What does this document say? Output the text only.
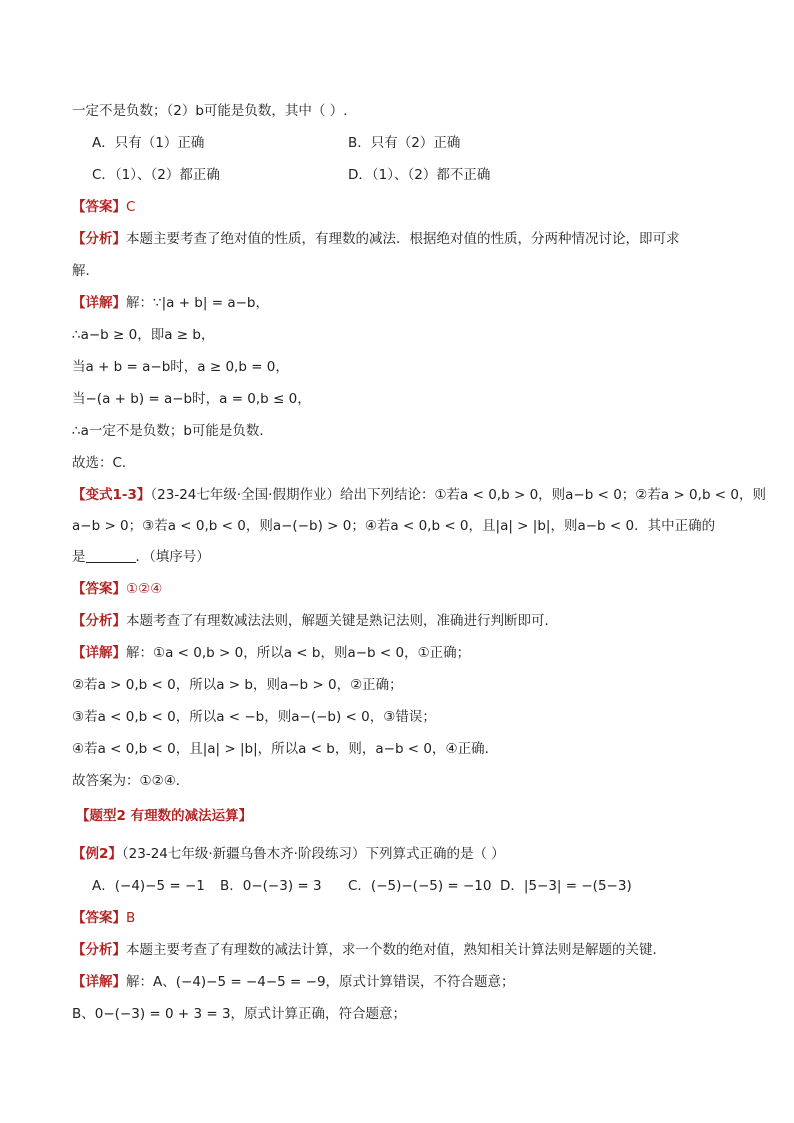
一定不是负数；（2）b可能是负数，其中（ ）.
A．只有（1）正确	B．只有（2）正确
C．（1）、（2）都正确	D．（1）、（2）都不正确
【答案】C
【分析】本题主要考查了绝对值的性质，有理数的减法．根据绝对值的性质，分两种情况讨论，即可求
解．
【详解】解：∵|a + b| = a−b，
∴a−b ≥ 0，即a ≥ b，
当a + b = a−b时，a ≥ 0,b = 0，
当−(a + b) = a−b时，a = 0,b ≤ 0，
∴a一定不是负数；b可能是负数．
故选：C．
【变式1-3】（23-24七年级·全国·假期作业）给出下列结论：①若a < 0,b > 0，则a−b < 0；②若a > 0,b < 0，则
a−b > 0；③若a < 0,b < 0，则a−(−b) > 0；④若a < 0,b < 0，且|a| > |b|，则a−b < 0．其中正确的
是	．（填序号）
【答案】①②④
【分析】本题考查了有理数减法法则，解题关键是熟记法则，准确进行判断即可．
【详解】解：①a < 0,b > 0，所以a < b，则a−b < 0，①正确；
②若a > 0,b < 0，所以a > b，则a−b > 0，②正确；
③若a < 0,b < 0，所以a < −b，则a−(−b) < 0，③错误；
④若a < 0,b < 0，且|a| > |b|，所以a < b，则，a−b < 0，④正确．
故答案为：①②④．
【题型2 有理数的减法运算】
【例2】（23-24七年级·新疆乌鲁木齐·阶段练习）下列算式正确的是（ ）
A．(−4)−5 = −1 B．0−(−3) = 3 C．(−5)−(−5) = −10 D．|5−3| = −(5−3)
【答案】B
【分析】本题主要考查了有理数的减法计算，求一个数的绝对值，熟知相关计算法则是解题的关键．
【详解】解：A、(−4)−5 = −4−5 = −9，原式计算错误，不符合题意；
B、0−(−3) = 0 + 3 = 3，原式计算正确，符合题意；
